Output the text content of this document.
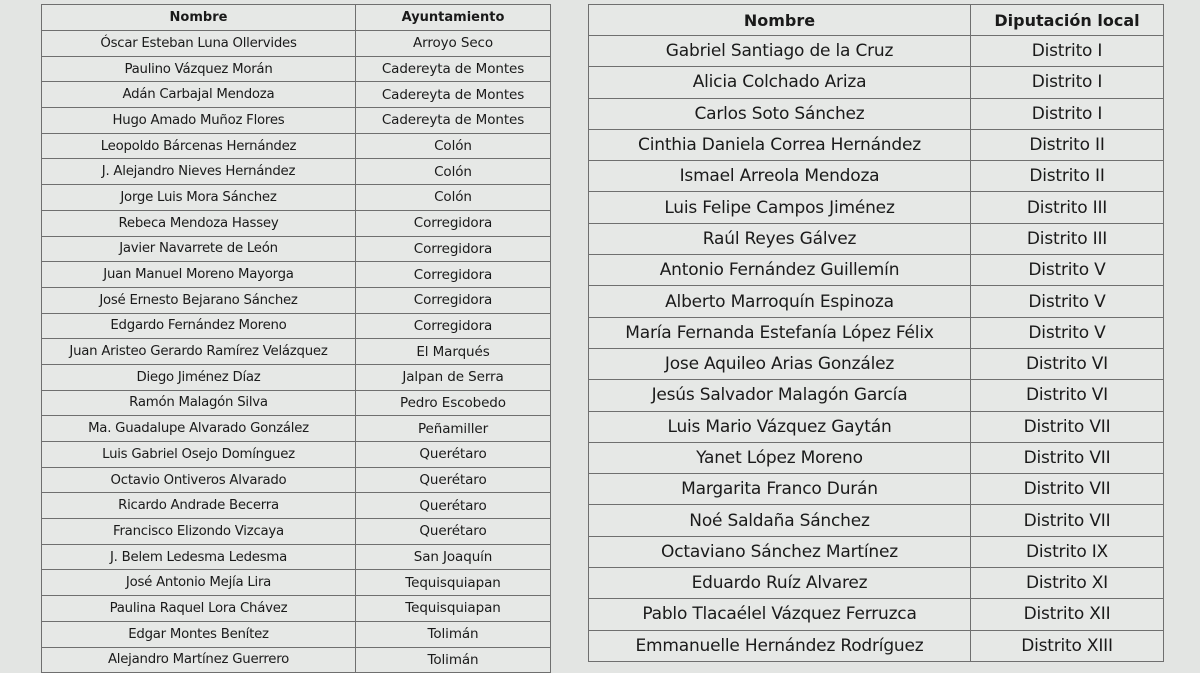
Nombre	Ayuntamiento
Óscar Esteban Luna Ollervides	Arroyo Seco
Paulino Vázquez Morán	Cadereyta de Montes
Adán Carbajal Mendoza	Cadereyta de Montes
Hugo Amado Muñoz Flores	Cadereyta de Montes
Leopoldo Bárcenas Hernández	Colón
J. Alejandro Nieves Hernández	Colón
Jorge Luis Mora Sánchez	Colón
Rebeca Mendoza Hassey	Corregidora
Javier Navarrete de León	Corregidora
Juan Manuel Moreno Mayorga	Corregidora
José Ernesto Bejarano Sánchez	Corregidora
Edgardo Fernández Moreno	Corregidora
Juan Aristeo Gerardo Ramírez Velázquez	El Marqués
Diego Jiménez Díaz	Jalpan de Serra
Ramón Malagón Silva	Pedro Escobedo
Ma. Guadalupe Alvarado González	Peñamiller
Luis Gabriel Osejo Domínguez	Querétaro
Octavio Ontiveros Alvarado	Querétaro
Ricardo Andrade Becerra	Querétaro
Francisco Elizondo Vizcaya	Querétaro
J. Belem Ledesma Ledesma	San Joaquín
José Antonio Mejía Lira	Tequisquiapan
Paulina Raquel Lora Chávez	Tequisquiapan
Edgar Montes Benítez	Tolimán
Alejandro Martínez Guerrero	Tolimán
Nombre	Diputación local
Gabriel Santiago de la Cruz	Distrito I
Alicia Colchado Ariza	Distrito I
Carlos Soto Sánchez	Distrito I
Cinthia Daniela Correa Hernández	Distrito II
Ismael Arreola Mendoza	Distrito II
Luis Felipe Campos Jiménez	Distrito III
Raúl Reyes Gálvez	Distrito III
Antonio Fernández Guillemín	Distrito V
Alberto Marroquín Espinoza	Distrito V
María Fernanda Estefanía López Félix	Distrito V
Jose Aquileo Arias González	Distrito VI
Jesús Salvador Malagón García	Distrito VI
Luis Mario Vázquez Gaytán	Distrito VII
Yanet López Moreno	Distrito VII
Margarita Franco Durán	Distrito VII
Noé Saldaña Sánchez	Distrito VII
Octaviano Sánchez Martínez	Distrito IX
Eduardo Ruíz Alvarez	Distrito XI
Pablo Tlacaélel Vázquez Ferruzca	Distrito XII
Emmanuelle Hernández Rodríguez	Distrito XIII
